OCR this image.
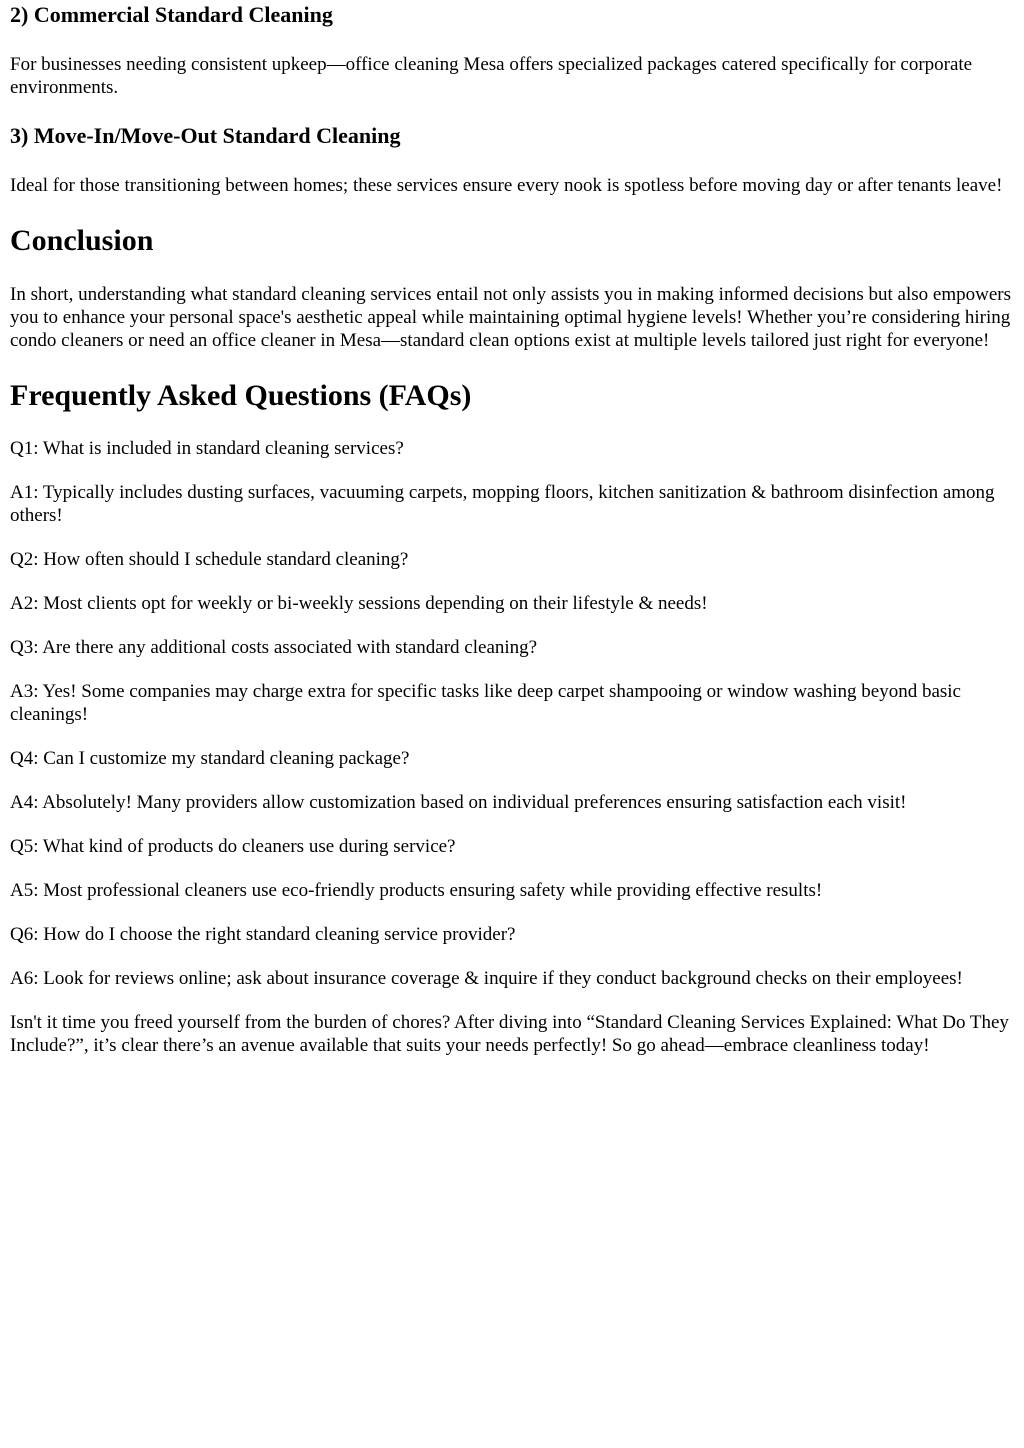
2) Commercial Standard Cleaning

For businesses needing consistent upkeep—office cleaning Mesa offers specialized packages catered specifically for corporate environments.

3) Move-In/Move-Out Standard Cleaning

Ideal for those transitioning between homes; these services ensure every nook is spotless before moving day or after tenants leave!

Conclusion

In short, understanding what standard cleaning services entail not only assists you in making informed decisions but also empowers you to enhance your personal space's aesthetic appeal while maintaining optimal hygiene levels! Whether you’re considering hiring condo cleaners or need an office cleaner in Mesa—standard clean options exist at multiple levels tailored just right for everyone!

Frequently Asked Questions (FAQs)

Q1: What is included in standard cleaning services?

A1: Typically includes dusting surfaces, vacuuming carpets, mopping floors, kitchen sanitization & bathroom disinfection among others!

Q2: How often should I schedule standard cleaning?

A2: Most clients opt for weekly or bi-weekly sessions depending on their lifestyle & needs!

Q3: Are there any additional costs associated with standard cleaning?

A3: Yes! Some companies may charge extra for specific tasks like deep carpet shampooing or window washing beyond basic cleanings!

Q4: Can I customize my standard cleaning package?

A4: Absolutely! Many providers allow customization based on individual preferences ensuring satisfaction each visit!

Q5: What kind of products do cleaners use during service?

A5: Most professional cleaners use eco-friendly products ensuring safety while providing effective results!

Q6: How do I choose the right standard cleaning service provider?

A6: Look for reviews online; ask about insurance coverage & inquire if they conduct background checks on their employees!

Isn't it time you freed yourself from the burden of chores? After diving into “Standard Cleaning Services Explained: What Do They Include?”, it’s clear there’s an avenue available that suits your needs perfectly! So go ahead—embrace cleanliness today!
